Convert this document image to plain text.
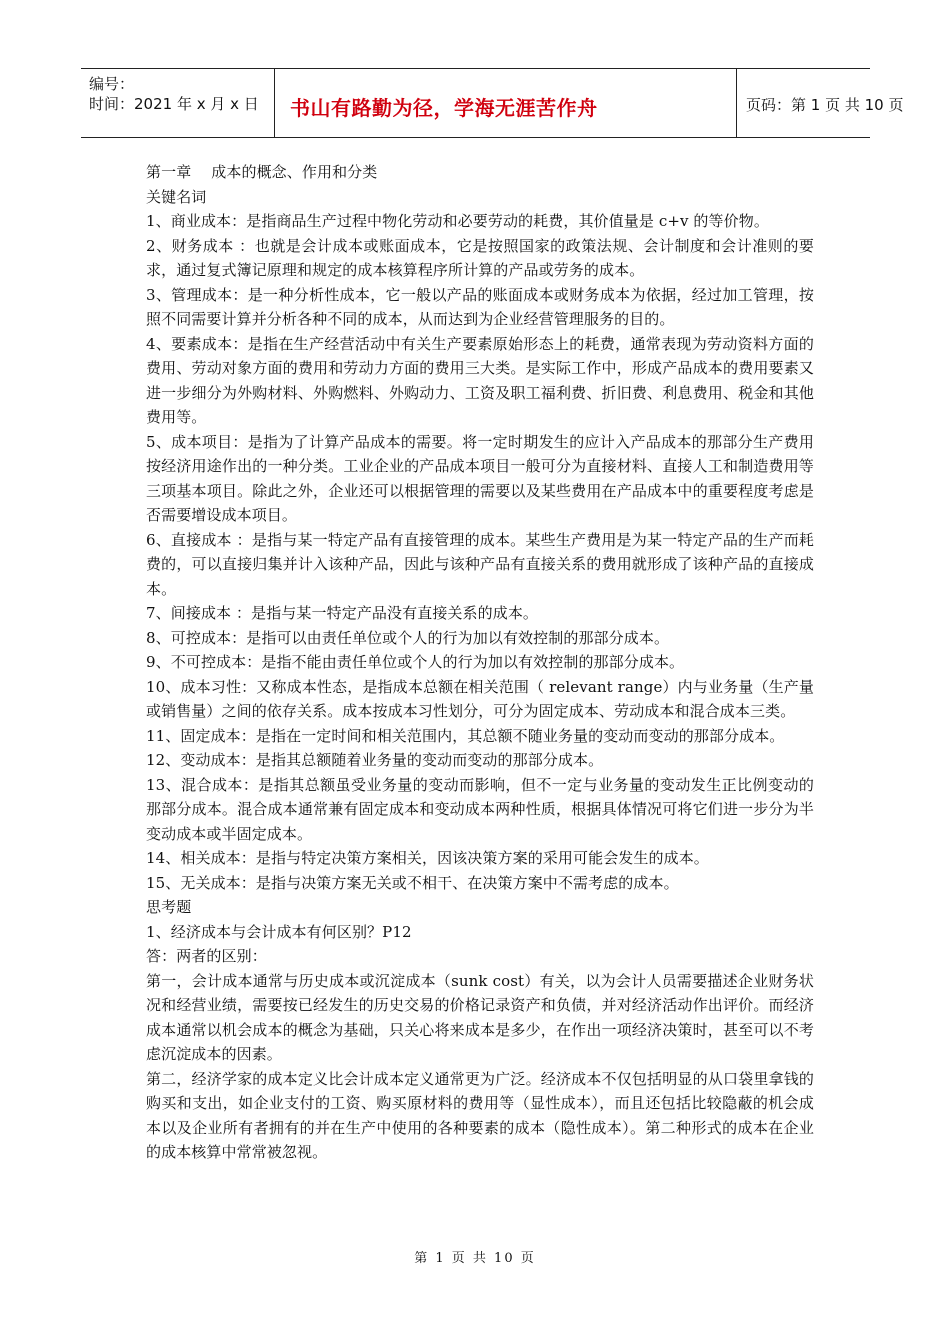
编号：
时间：2021 年 x 月 x 日 书山有路勤为径，学海无涯苦作舟	页码：第 1 页 共 10 页

第一章　 成本的概念、作用和分类

关键名词

1、商业成本：是指商品生产过程中物化劳动和必要劳动的耗费，其价值量是 c+v 的等价物。

2、财务成本 ：也就是会计成本或账面成本，它是按照国家的政策法规、会计制度和会计准则的要求，通过复式簿记原理和规定的成本核算程序所计算的产品或劳务的成本。

3、管理成本：是一种分析性成本，它一般以产品的账面成本或财务成本为依据，经过加工管理，按照不同需要计算并分析各种不同的成本，从而达到为企业经营管理服务的目的。

4、要素成本：是指在生产经营活动中有关生产要素原始形态上的耗费，通常表现为劳动资料方面的费用、劳动对象方面的费用和劳动力方面的费用三大类。是实际工作中，形成产品成本的费用要素又进一步细分为外购材料、外购燃料、外购动力、工资及职工福利费、折旧费、利息费用、税金和其他费用等。

5、成本项目：是指为了计算产品成本的需要。将一定时期发生的应计入产品成本的那部分生产费用按经济用途作出的一种分类。工业企业的产品成本项目一般可分为直接材料、直接人工和制造费用等三项基本项目。除此之外，企业还可以根据管理的需要以及某些费用在产品成本中的重要程度考虑是否需要增设成本项目。

6、直接成本 ：是指与某一特定产品有直接管理的成本。某些生产费用是为某一特定产品的生产而耗费的，可以直接归集并计入该种产品，因此与该种产品有直接关系的费用就形成了该种产品的直接成本。

7、间接成本 ：是指与某一特定产品没有直接关系的成本。

8、可控成本：是指可以由责任单位或个人的行为加以有效控制的那部分成本。

9、不可控成本：是指不能由责任单位或个人的行为加以有效控制的那部分成本。

10、成本习性：又称成本性态，是指成本总额在相关范围（ relevant range）内与业务量（生产量或销售量）之间的依存关系。成本按成本习性划分，可分为固定成本、劳动成本和混合成本三类。

11、固定成本：是指在一定时间和相关范围内，其总额不随业务量的变动而变动的那部分成本。

12、变动成本：是指其总额随着业务量的变动而变动的那部分成本。

13、混合成本：是指其总额虽受业务量的变动而影响，但不一定与业务量的变动发生正比例变动的那部分成本。混合成本通常兼有固定成本和变动成本两种性质，根据具体情况可将它们进一步分为半变动成本或半固定成本。

14、相关成本：是指与特定决策方案相关，因该决策方案的采用可能会发生的成本。

15、无关成本：是指与决策方案无关或不相干、在决策方案中不需考虑的成本。

思考题

1、经济成本与会计成本有何区别？P12

答：两者的区别：

第一，会计成本通常与历史成本或沉淀成本（sunk cost）有关，以为会计人员需要描述企业财务状况和经营业绩，需要按已经发生的历史交易的价格记录资产和负债，并对经济活动作出评价。而经济成本通常以机会成本的概念为基础，只关心将来成本是多少，在作出一项经济决策时，甚至可以不考虑沉淀成本的因素。

第二，经济学家的成本定义比会计成本定义通常更为广泛。经济成本不仅包括明显的从口袋里拿钱的购买和支出，如企业支付的工资、购买原材料的费用等（显性成本），而且还包括比较隐蔽的机会成本以及企业所有者拥有的并在生产中使用的各种要素的成本（隐性成本）。第二种形式的成本在企业的成本核算中常常被忽视。

第 1 页 共 10 页
